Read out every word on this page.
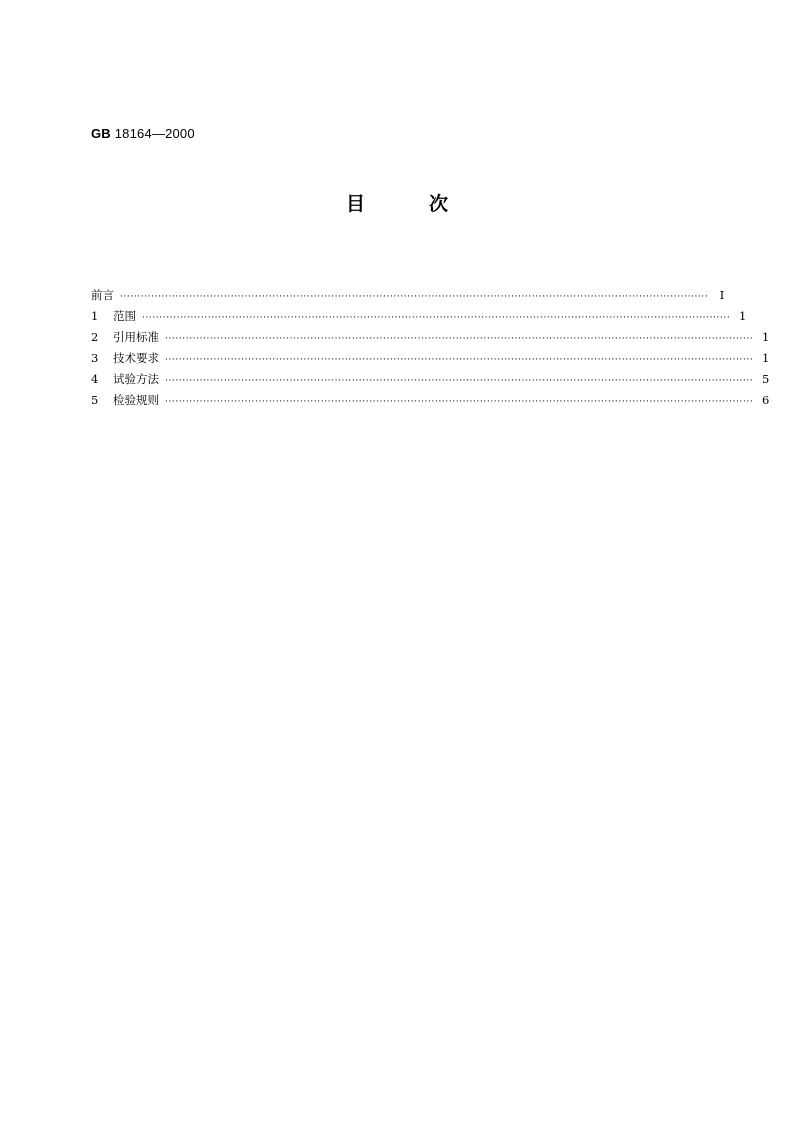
GB 18164—2000
目	次
前言 ·········································································································································································· I
1	范围 ·········································································································································································· 1
2	引用标准 ·········································································································································································· 1
3	技术要求 ·········································································································································································· 1
4	试验方法 ·········································································································································································· 5
5	检验规则 ·········································································································································································· 6
